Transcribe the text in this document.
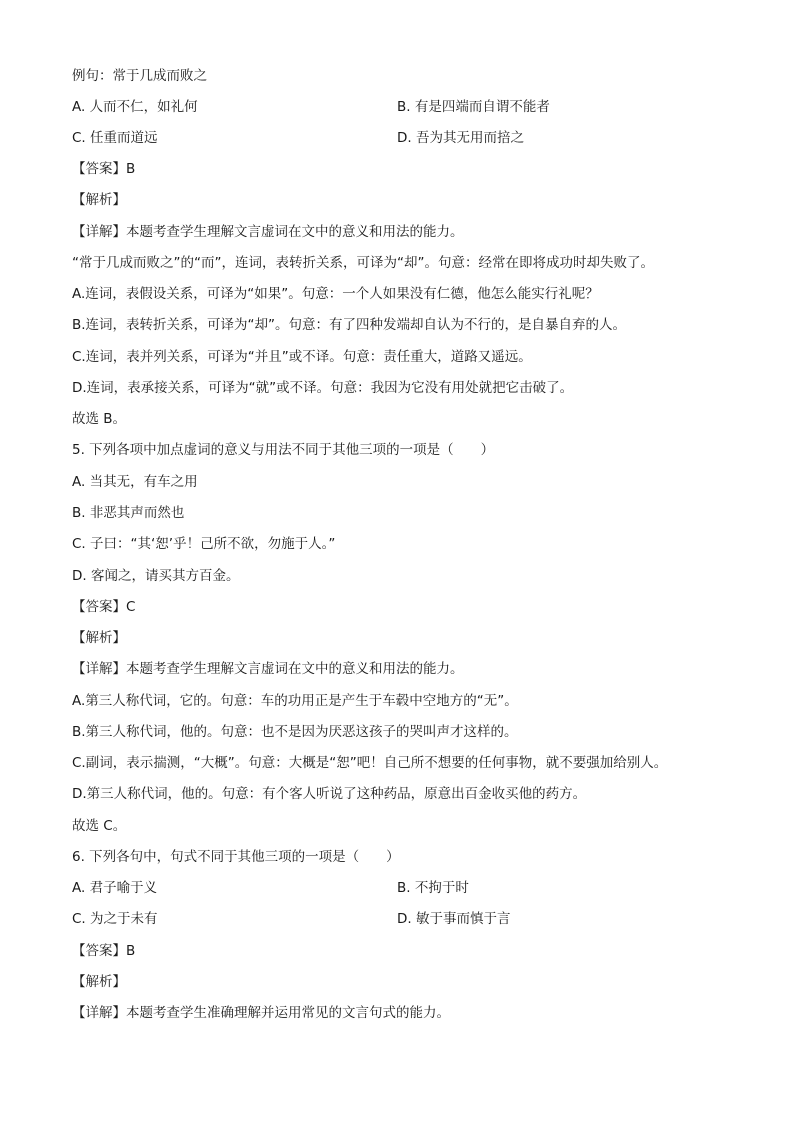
例句：常于几成而败之
A. 人而不仁，如礼何	B. 有是四端而自谓不能者
C. 任重而道远	D. 吾为其无用而掊之
【答案】B
【解析】
【详解】本题考查学生理解文言虚词在文中的意义和用法的能力。
“常于几成而败之”的“而”，连词，表转折关系，可译为“却”。句意：经常在即将成功时却失败了。
A.连词，表假设关系，可译为“如果”。句意：一个人如果没有仁德，他怎么能实行礼呢？
B.连词，表转折关系，可译为“却”。句意：有了四种发端却自认为不行的，是自暴自弃的人。
C.连词，表并列关系，可译为“并且”或不译。句意：责任重大，道路又遥远。
D.连词，表承接关系，可译为“就”或不译。句意：我因为它没有用处就把它击破了。
故选 B。
5. 下列各项中加点虚词的意义与用法不同于其他三项的一项是（　　）
A. 当其无，有车之用
B. 非恶其声而然也
C. 子曰：“其‘恕’乎！己所不欲，勿施于人。”
D. 客闻之，请买其方百金。
【答案】C
【解析】
【详解】本题考查学生理解文言虚词在文中的意义和用法的能力。
A.第三人称代词，它的。句意：车的功用正是产生于车毂中空地方的“无”。
B.第三人称代词，他的。句意：也不是因为厌恶这孩子的哭叫声才这样的。
C.副词，表示揣测，“大概”。句意：大概是“恕”吧！自己所不想要的任何事物，就不要强加给别人。
D.第三人称代词，他的。句意：有个客人听说了这种药品，原意出百金收买他的药方。
故选 C。
6. 下列各句中，句式不同于其他三项的一项是（　　）
A. 君子喻于义	B. 不拘于时
C. 为之于未有	D. 敏于事而慎于言
【答案】B
【解析】
【详解】本题考查学生准确理解并运用常见的文言句式的能力。
